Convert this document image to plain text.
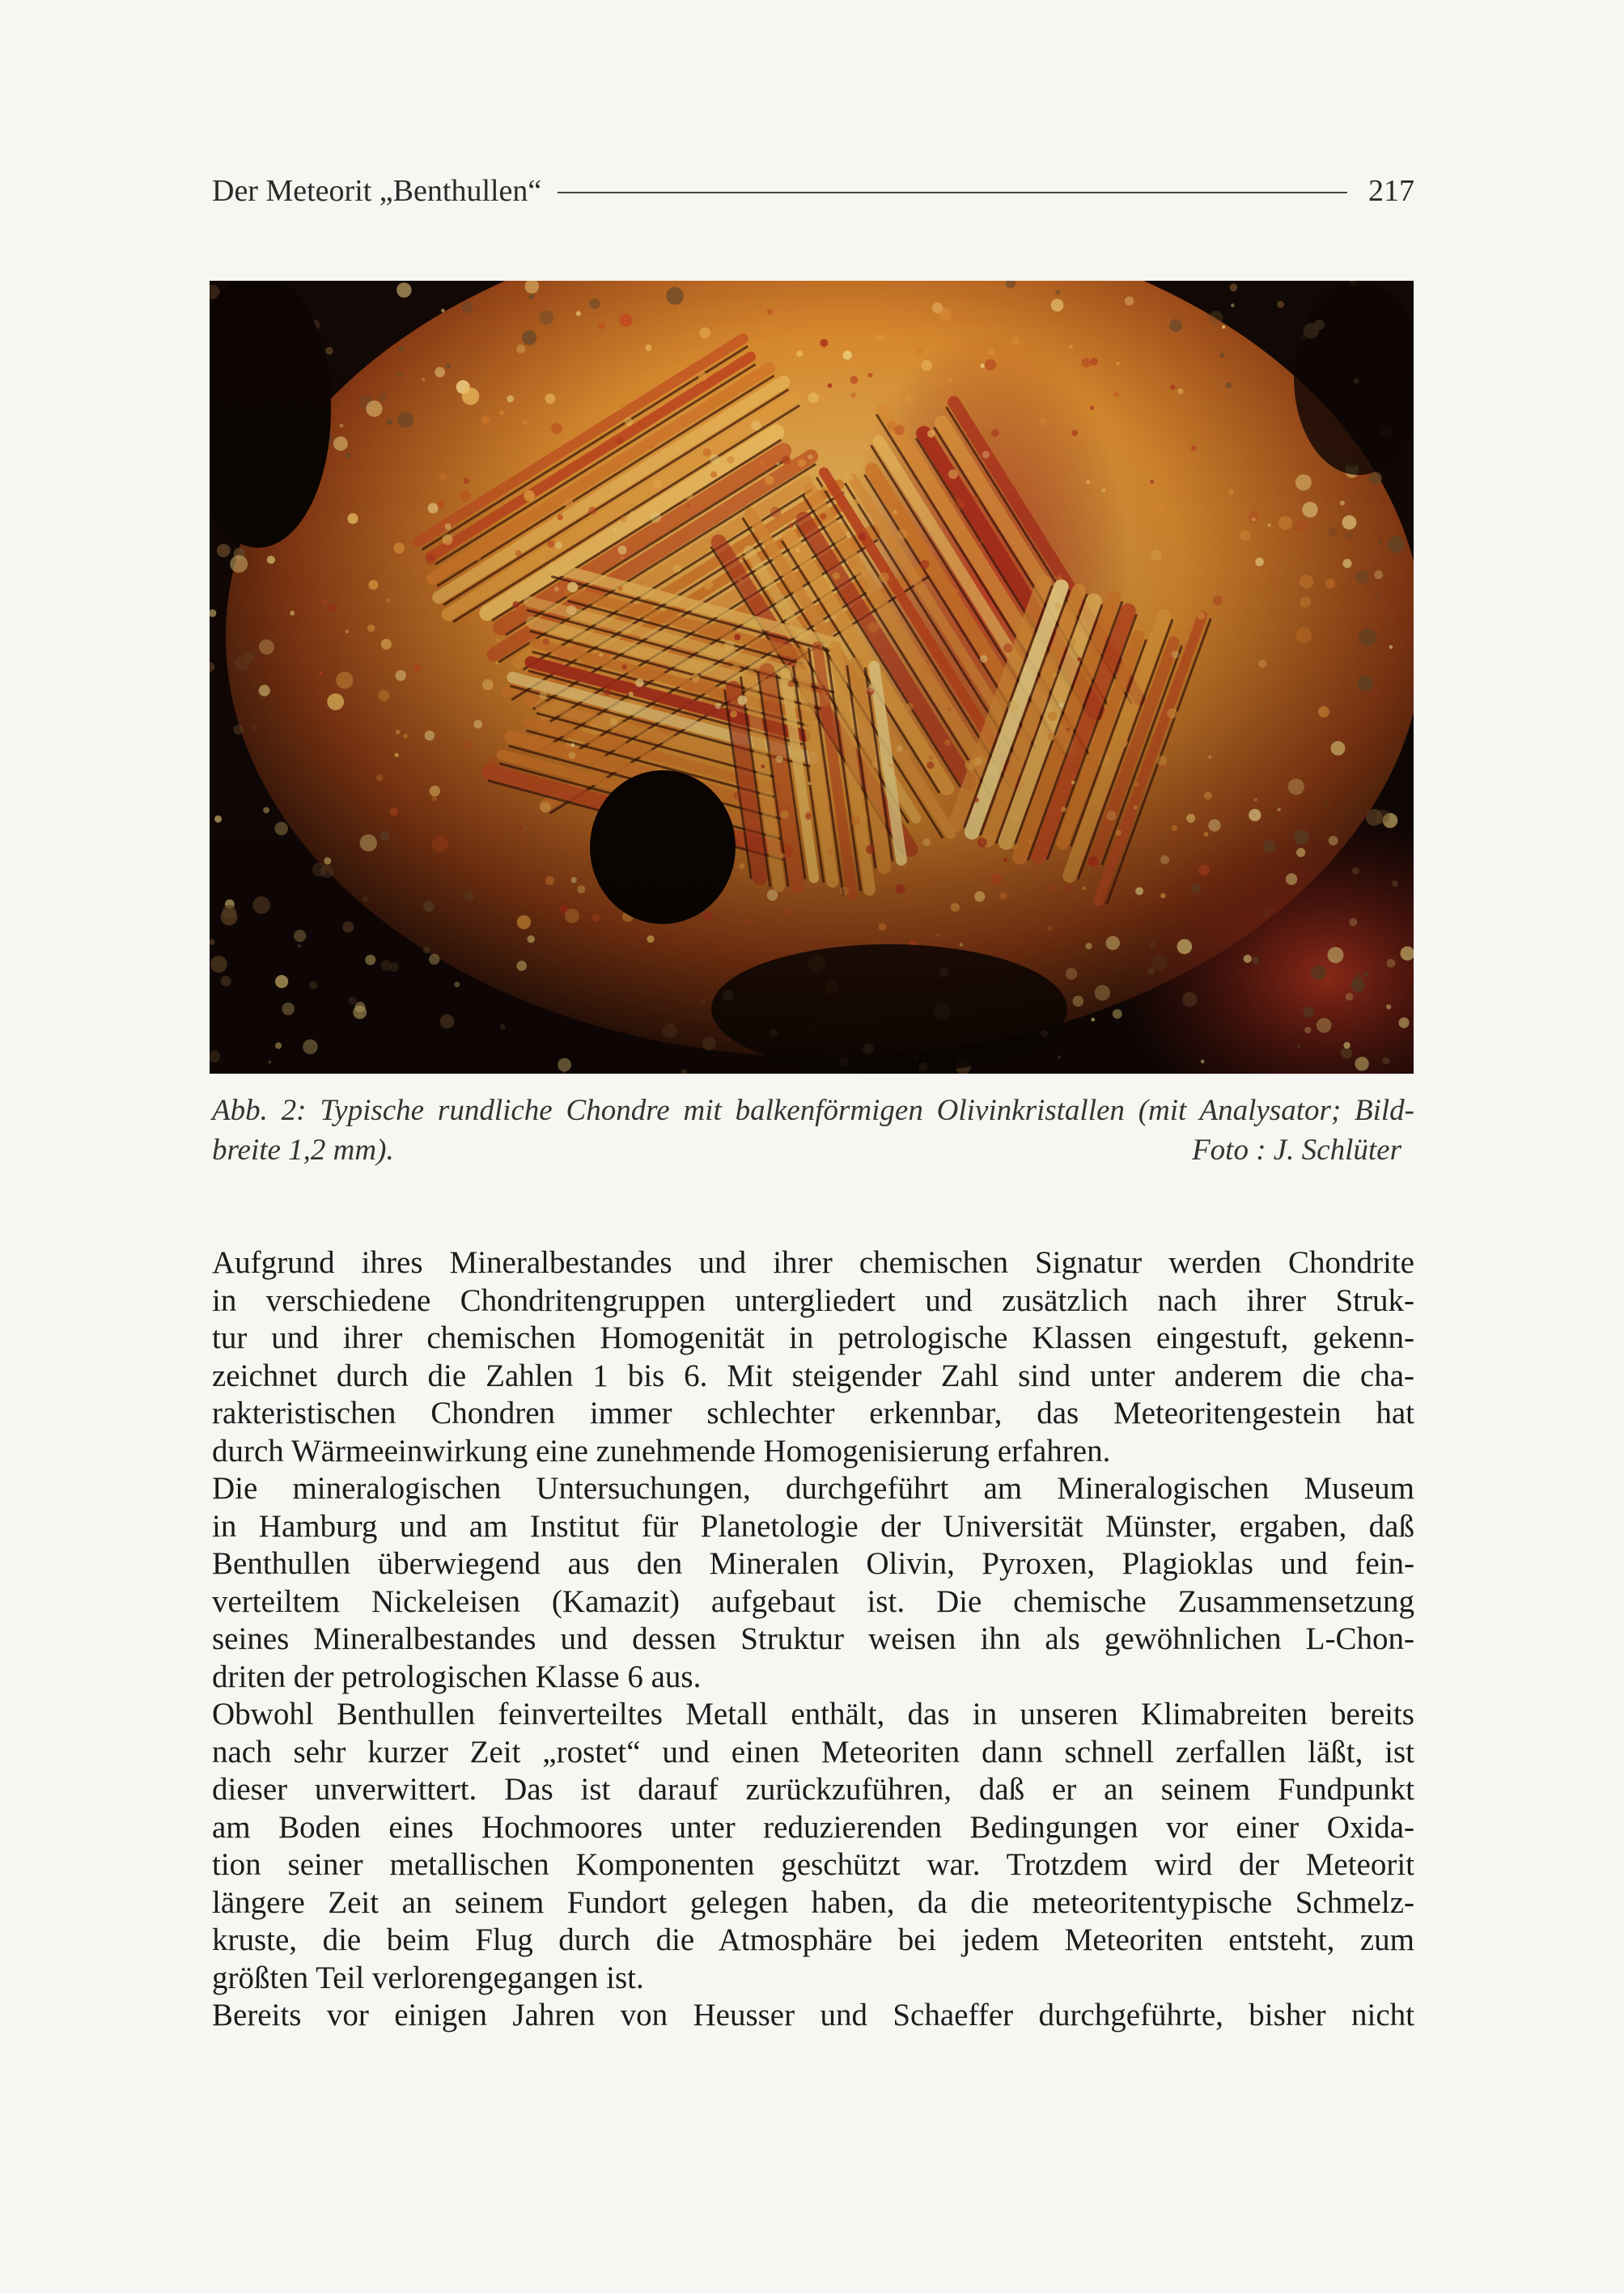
Der Meteorit „Benthullen“	217
Abb. 2: Typische rundliche Chondre mit balkenförmigen Olivinkristallen (mit Analysator; Bild-
breite 1,2 mm).	Foto : J. Schlüter

Aufgrund ihres Mineralbestandes und ihrer chemischen Signatur werden Chondrite
in verschiedene Chondritengruppen untergliedert und zusätzlich nach ihrer Struk-
tur und ihrer chemischen Homogenität in petrologische Klassen eingestuft, gekenn-
zeichnet durch die Zahlen 1 bis 6. Mit steigender Zahl sind unter anderem die cha-
rakteristischen Chondren immer schlechter erkennbar, das Meteoritengestein hat
durch Wärmeeinwirkung eine zunehmende Homogenisierung erfahren.

Die mineralogischen Untersuchungen, durchgeführt am Mineralogischen Museum
in Hamburg und am Institut für Planetologie der Universität Münster, ergaben, daß
Benthullen überwiegend aus den Mineralen Olivin, Pyroxen, Plagioklas und fein-
verteiltem Nickeleisen (Kamazit) aufgebaut ist. Die chemische Zusammensetzung
seines Mineralbestandes und dessen Struktur weisen ihn als gewöhnlichen L-Chon-
driten der petrologischen Klasse 6 aus.

Obwohl Benthullen feinverteiltes Metall enthält, das in unseren Klimabreiten bereits
nach sehr kurzer Zeit „rostet“ und einen Meteoriten dann schnell zerfallen läßt, ist
dieser unverwittert. Das ist darauf zurückzuführen, daß er an seinem Fundpunkt
am Boden eines Hochmoores unter reduzierenden Bedingungen vor einer Oxida-
tion seiner metallischen Komponenten geschützt war. Trotzdem wird der Meteorit
längere Zeit an seinem Fundort gelegen haben, da die meteoritentypische Schmelz-
kruste, die beim Flug durch die Atmosphäre bei jedem Meteoriten entsteht, zum
größten Teil verlorengegangen ist.

Bereits vor einigen Jahren von Heusser und Schaeffer durchgeführte, bisher nicht
